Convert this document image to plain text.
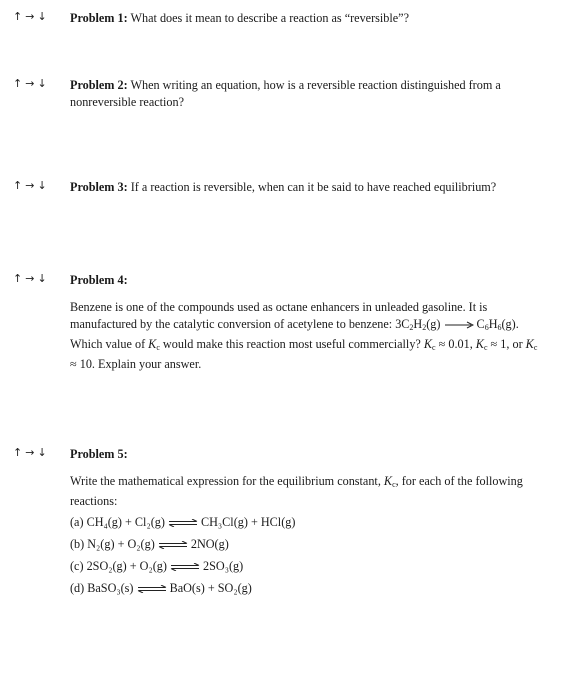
↑ → ↓ Problem 1: What does it mean to describe a reaction as “reversible”?
↑ → ↓ Problem 2: When writing an equation, how is a reversible reaction distinguished from a nonreversible reaction?
↑ → ↓ Problem 3: If a reaction is reversible, when can it be said to have reached equilibrium?
↑ → ↓ Problem 4:
Benzene is one of the compounds used as octane enhancers in unleaded gasoline. It is manufactured by the catalytic conversion of acetylene to benzene: $3C_2H_2(g) \to C_6H_6(g)$. Which value of $K_c$ would make this reaction most useful commercially? $K_c \approx 0.01$, $K_c \approx 1$, or $K_c$
≈ 10. Explain your answer.
↑ → ↓ Problem 5:
Write the mathematical expression for the equilibrium constant, $K_c$, for each of the following reactions:
(a) CH₄(g) + Cl₂(g) ⇌ CH₃Cl(g) + HCl(g)
(b) N₂(g) + O₂(g) ⇌ 2NO(g)
(c) 2SO₂(g) + O₂(g) ⇌ 2SO₃(g)
(d) BaSO₃(s) ⇌ BaO(s) + SO₂(g)
